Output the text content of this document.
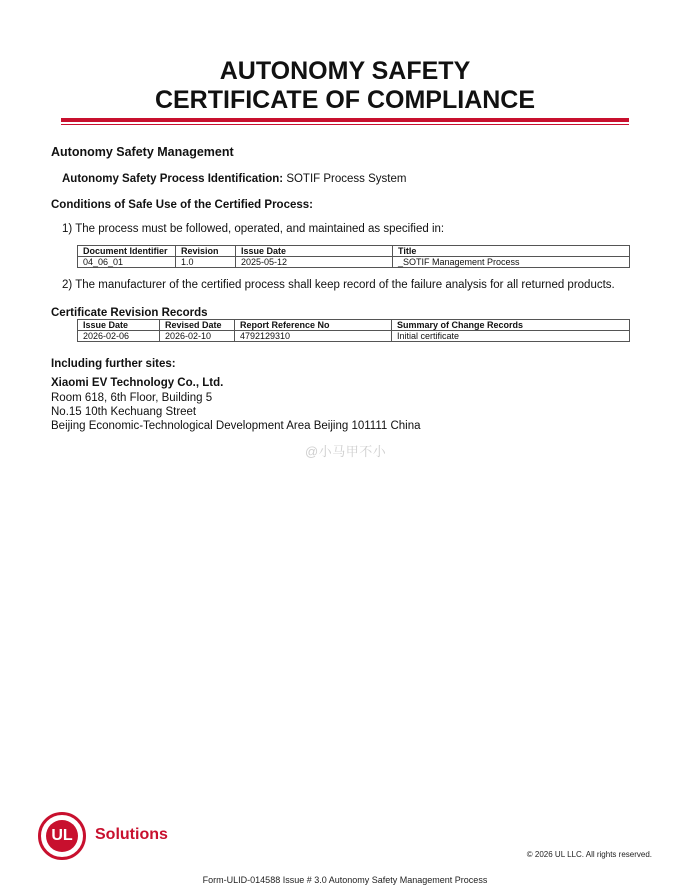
AUTONOMY SAFETY
CERTIFICATE OF COMPLIANCE
Autonomy Safety Management
Autonomy Safety Process Identification: SOTIF Process System
Conditions of Safe Use of the Certified Process:
1) The process must be followed, operated, and maintained as specified in:
Document Identifier	Revision	Issue Date	Title
04_06_01	1.0	2025-05-12	_SOTIF Management Process
2) The manufacturer of the certified process shall keep record of the failure analysis for all returned products.
Certificate Revision Records
Issue Date	Revised Date	Report Reference No	Summary of Change Records
2026-02-06	2026-02-10	4792129310	Initial certificate
Including further sites:
Xiaomi EV Technology Co., Ltd.
Room 618, 6th Floor, Building 5
No.15 10th Kechuang Street
Beijing Economic-Technological Development Area Beijing 101111 China
@小马甲不小
UL	Solutions
© 2026 UL LLC. All rights reserved.
Form-ULID-014588 Issue # 3.0 Autonomy Safety Management Process
